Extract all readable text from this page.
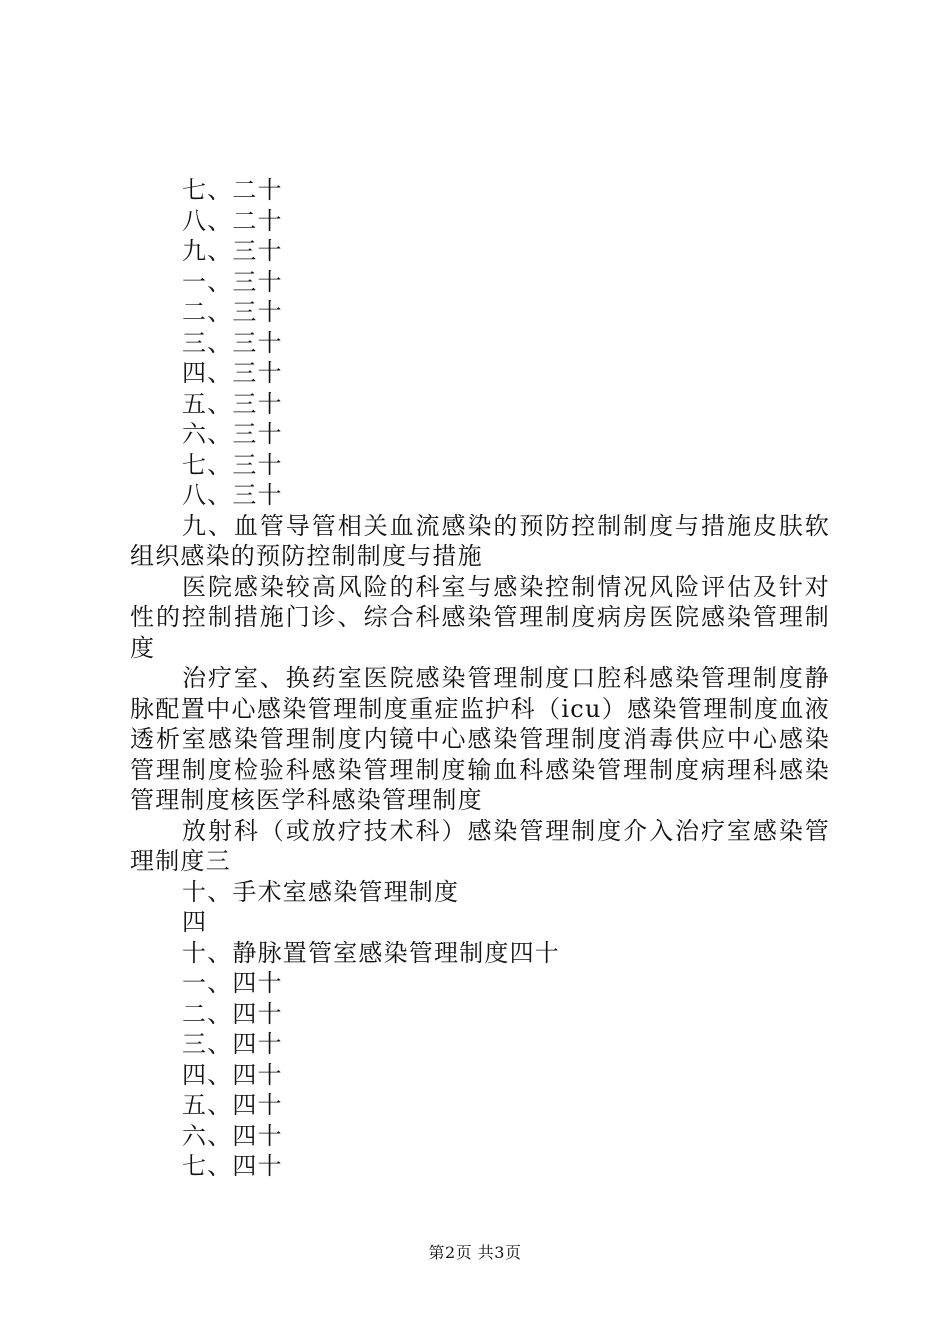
七、二十

八、二十

九、三十

一、三十

二、三十

三、三十

四、三十

五、三十

六、三十

七、三十

八、三十

九、血管导管相关血流感染的预防控制制度与措施皮肤软组织感染的预防控制制度与措施

医院感染较高风险的科室与感染控制情况风险评估及针对性的控制措施门诊、综合科感染管理制度病房医院感染管理制度

治疗室、换药室医院感染管理制度口腔科感染管理制度静脉配置中心感染管理制度重症监护科（icu）感染管理制度血液透析室感染管理制度内镜中心感染管理制度消毒供应中心感染管理制度检验科感染管理制度输血科感染管理制度病理科感染管理制度核医学科感染管理制度

放射科（或放疗技术科）感染管理制度介入治疗室感染管理制度三

十、手术室感染管理制度

四

十、静脉置管室感染管理制度四十

一、四十

二、四十

三、四十

四、四十

五、四十

六、四十

七、四十

第2页 共3页
